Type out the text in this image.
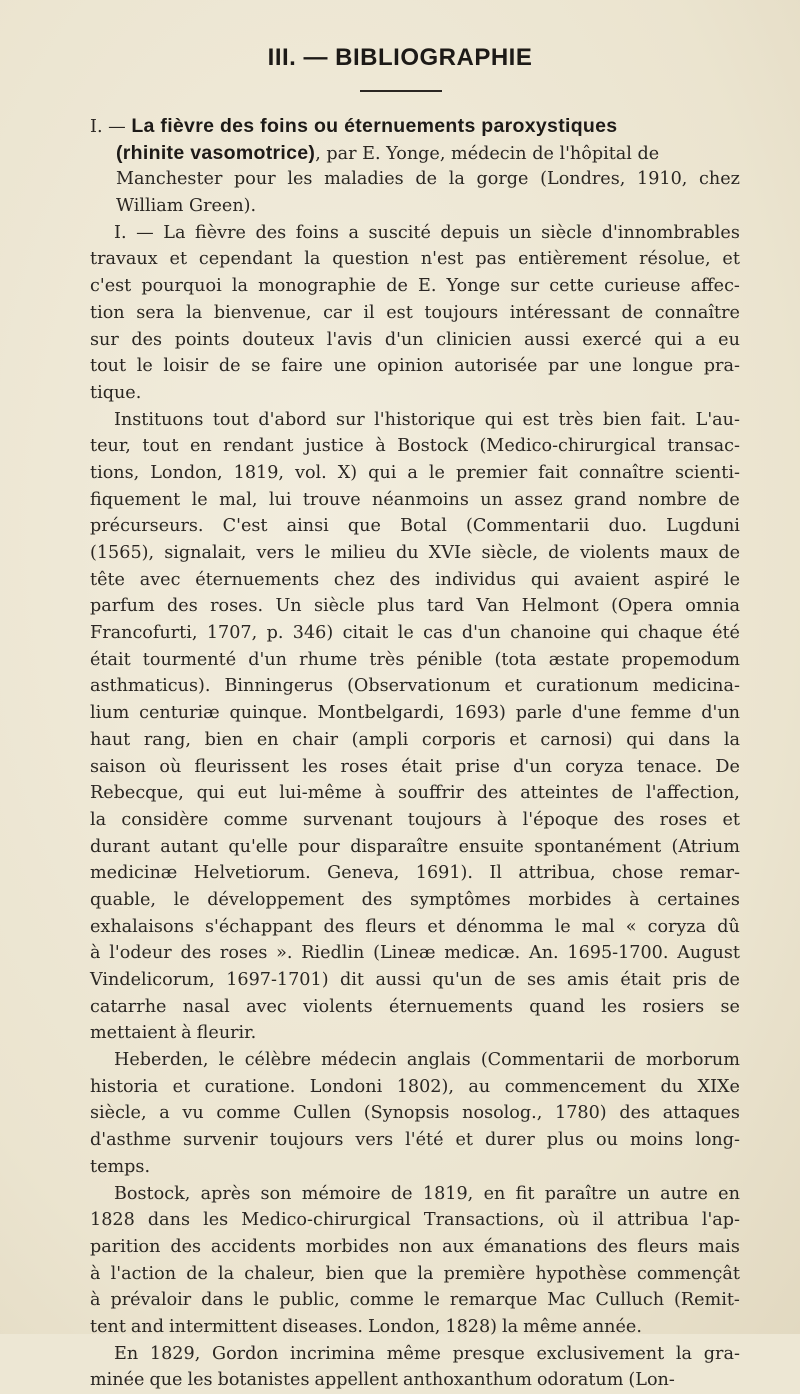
III. — BIBLIOGRAPHIE
I. — La fièvre des foins ou éternuements paroxystiques
(rhinite vasomotrice), par E. Yonge, médecin de l'hôpital de
Manchester pour les maladies de la gorge (Londres, 1910, chez
William Green).
I. — La fièvre des foins a suscité depuis un siècle d'innombrables
travaux et cependant la question n'est pas entièrement résolue, et
c'est pourquoi la monographie de E. Yonge sur cette curieuse affec-
tion sera la bienvenue, car il est toujours intéressant de connaître
sur des points douteux l'avis d'un clinicien aussi exercé qui a eu
tout le loisir de se faire une opinion autorisée par une longue pra-
tique.
Instituons tout d'abord sur l'historique qui est très bien fait. L'au-
teur, tout en rendant justice à Bostock (Medico-chirurgical transac-
tions, London, 1819, vol. X) qui a le premier fait connaître scienti-
fiquement le mal, lui trouve néanmoins un assez grand nombre de
précurseurs. C'est ainsi que Botal (Commentarii duo. Lugduni
(1565), signalait, vers le milieu du XVIe siècle, de violents maux de
tête avec éternuements chez des individus qui avaient aspiré le
parfum des roses. Un siècle plus tard Van Helmont (Opera omnia
Francofurti, 1707, p. 346) citait le cas d'un chanoine qui chaque été
était tourmenté d'un rhume très pénible (tota æstate propemodum
asthmaticus). Binningerus (Observationum et curationum medicina-
lium centuriæ quinque. Montbelgardi, 1693) parle d'une femme d'un
haut rang, bien en chair (ampli corporis et carnosi) qui dans la
saison où fleurissent les roses était prise d'un coryza tenace. De
Rebecque, qui eut lui-même à souffrir des atteintes de l'affection,
la considère comme survenant toujours à l'époque des roses et
durant autant qu'elle pour disparaître ensuite spontanément (Atrium
medicinæ Helvetiorum. Geneva, 1691). Il attribua, chose remar-
quable, le développement des symptômes morbides à certaines
exhalaisons s'échappant des fleurs et dénomma le mal « coryza dû
à l'odeur des roses ». Riedlin (Lineæ medicæ. An. 1695-1700. August
Vindelicorum, 1697-1701) dit aussi qu'un de ses amis était pris de
catarrhe nasal avec violents éternuements quand les rosiers se
mettaient à fleurir.
Heberden, le célèbre médecin anglais (Commentarii de morborum
historia et curatione. Londoni 1802), au commencement du XIXe
siècle, a vu comme Cullen (Synopsis nosolog., 1780) des attaques
d'asthme survenir toujours vers l'été et durer plus ou moins long-
temps.
Bostock, après son mémoire de 1819, en fit paraître un autre en
1828 dans les Medico-chirurgical Transactions, où il attribua l'ap-
parition des accidents morbides non aux émanations des fleurs mais
à l'action de la chaleur, bien que la première hypothèse commençât
à prévaloir dans le public, comme le remarque Mac Culluch (Remit-
tent and intermittent diseases. London, 1828) la même année.
En 1829, Gordon incrimina même presque exclusivement la gra-
minée que les botanistes appellent anthoxanthum odoratum (Lon-
